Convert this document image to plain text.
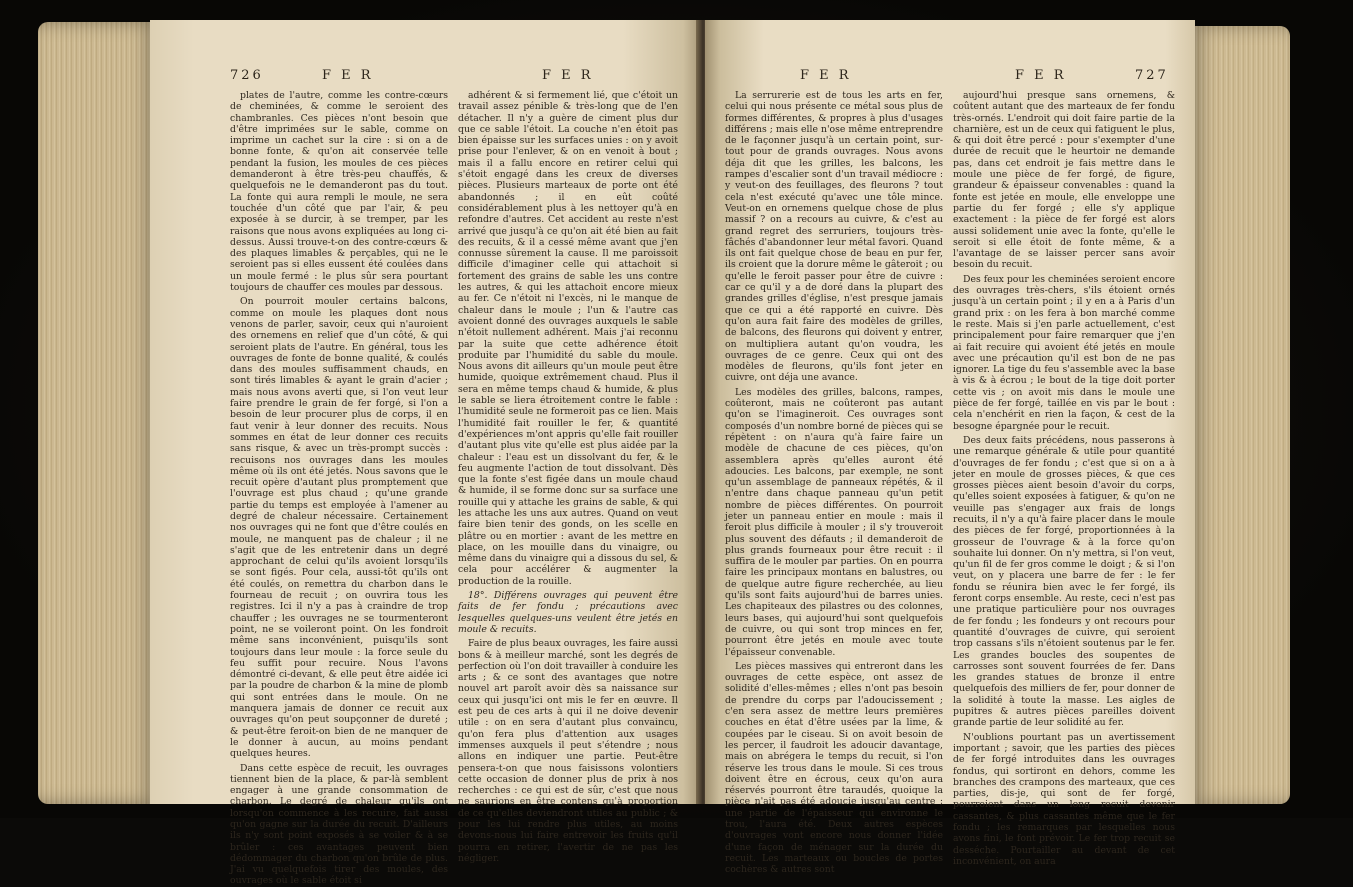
726	F E R	F E R

plates de l'autre, comme les contre-cœurs de cheminées, & comme le seroient des chambranles. Ces pièces n'ont besoin que d'être imprimées sur le sable, comme on imprime un cachet sur la cire : si on a de bonne fonte, & qu'on ait conservée telle pendant la fusion, les moules de ces pièces demanderont à être très-peu chauffés, & quelquefois ne le demanderont pas du tout. La fonte qui aura rempli le moule, ne sera touchée d'un côté que par l'air, & peu exposée à se durcir, à se tremper, par les raisons que nous avons expliquées au long ci-dessus. Aussi trouve-t-on des contre-cœurs & des plaques limables & perçables, qui ne le seroient pas si elles eussent été coulées dans un moule fermé : le plus sûr sera pourtant toujours de chauffer ces moules par dessous.

On pourroit mouler certains balcons, comme on moule les plaques dont nous venons de parler, savoir, ceux qui n'auroient des ornemens en relief que d'un côté, & qui seroient plats de l'autre. En général, tous les ouvrages de fonte de bonne qualité, & coulés dans des moules suffisamment chauds, en sont tirés limables & ayant le grain d'acier ; mais nous avons averti que, si l'on veut leur faire prendre le grain de fer forgé, si l'on a besoin de leur procurer plus de corps, il en faut venir à leur donner des recuits. Nous sommes en état de leur donner ces recuits sans risque, & avec un très-prompt succès : recuisons nos ouvrages dans les moules même où ils ont été jetés. Nous savons que le recuit opère d'autant plus promptement que l'ouvrage est plus chaud ; qu'une grande partie du temps est employée à l'amener au degré de chaleur nécessaire. Certainement nos ouvrages qui ne font que d'être coulés en moule, ne manquent pas de chaleur ; il ne s'agit que de les entretenir dans un degré approchant de celui qu'ils avoient lorsqu'ils se sont figés. Pour cela, aussi-tôt qu'ils ont été coulés, on remettra du charbon dans le fourneau de recuit ; on ouvrira tous les registres. Ici il n'y a pas à craindre de trop chauffer ; les ouvrages ne se tourmenteront point, ne se voileront point. On les fondroit même sans inconvénient, puisqu'ils sont toujours dans leur moule : la force seule du feu suffit pour recuire. Nous l'avons démontré ci-devant, & elle peut être aidée ici par la poudre de charbon & la mine de plomb qui sont entrées dans le moule. On ne manquera jamais de donner ce recuit aux ouvrages qu'on peut soupçonner de dureté ; & peut-être feroit-on bien de ne manquer de le donner à aucun, au moins pendant quelques heures.

Dans cette espèce de recuit, les ouvrages tiennent bien de la place, & par-là semblent engager à une grande consommation de charbon. Le degré de chaleur qu'ils ont lorsqu'on commence à les recuire, fait aussi qu'on gagne sur la durée du recuit. D'ailleurs ils n'y sont point exposés à se voiler & à se brûler : ces avantages peuvent bien dédommager du charbon qu'on brûle de plus. J'ai vu quelquefois tirer des moules, des ouvrages où le sable étoit si

adhérent & si fermement lié, que c'étoit un travail assez pénible & très-long que de l'en détacher. Il n'y a guère de ciment plus dur que ce sable l'étoit. La couche n'en étoit pas bien épaisse sur les surfaces unies : on y avoit prise pour l'enlever, & on en venoit à bout ; mais il a fallu encore en retirer celui qui s'étoit engagé dans les creux de diverses pièces. Plusieurs marteaux de porte ont été abandonnés ; il en eût coûté considérablement plus à les nettoyer qu'à en refondre d'autres. Cet accident au reste n'est arrivé que jusqu'à ce qu'on ait été bien au fait des recuits, & il a cessé même avant que j'en connusse sûrement la cause. Il me paroissoit difficile d'imaginer celle qui attachoit si fortement des grains de sable les uns contre les autres, & qui les attachoit encore mieux au fer. Ce n'étoit ni l'excès, ni le manque de chaleur dans le moule ; l'un & l'autre cas avoient donné des ouvrages auxquels le sable n'étoit nullement adhérent. Mais j'ai reconnu par la suite que cette adhérence étoit produite par l'humidité du sable du moule. Nous avons dit ailleurs qu'un moule peut être humide, quoique extrêmement chaud. Plus il sera en même temps chaud & humide, & plus le sable se liera étroitement contre le fable : l'humidité seule ne formeroit pas ce lien. Mais l'humidité fait rouiller le fer, & quantité d'expériences m'ont appris qu'elle fait rouiller d'autant plus vite qu'elle est plus aidée par la chaleur : l'eau est un dissolvant du fer, & le feu augmente l'action de tout dissolvant. Dès que la fonte s'est figée dans un moule chaud & humide, il se forme donc sur sa surface une rouille qui y attache les grains de sable, & qui les attache les uns aux autres. Quand on veut faire bien tenir des gonds, on les scelle en plâtre ou en mortier : avant de les mettre en place, on les mouille dans du vinaigre, ou même dans du vinaigre qui a dissous du sel, & cela pour accélérer & augmenter la production de la rouille.

18°. Différens ouvrages qui peuvent être faits de fer fondu ; précautions avec lesquelles quelques-uns veulent être jetés en moule & recuits.

Faire de plus beaux ouvrages, les faire aussi bons & à meilleur marché, sont les degrés de perfection où l'on doit travailler à conduire les arts ; & ce sont des avantages que notre nouvel art paroît avoir dès sa naissance sur ceux qui jusqu'ici ont mis le fer en œuvre. Il est peu de ces arts à qui il ne doive devenir utile : on en sera d'autant plus convaincu, qu'on fera plus d'attention aux usages immenses auxquels il peut s'étendre ; nous allons en indiquer une partie. Peut-être pensera-t-on que nous faisissons volontiers cette occasion de donner plus de prix à nos recherches : ce qui est de sûr, c'est que nous ne saurions en être contens qu'à proportion de ce qu'elles deviendront utiles au public ; & pour les lui rendre plus utiles, au moins devons-nous lui faire entrevoir les fruits qu'il pourra en retirer, l'avertir de ne pas les négliger.

F E R	F E R	727

La serrurerie est de tous les arts en fer, celui qui nous présente ce métal sous plus de formes différentes, & propres à plus d'usages différens ; mais elle n'ose même entreprendre de le façonner jusqu'à un certain point, sur-tout pour de grands ouvrages. Nous avons déja dit que les grilles, les balcons, les rampes d'escalier sont d'un travail médiocre : y veut-on des feuillages, des fleurons ? tout cela n'est exécuté qu'avec une tôle mince. Veut-on en ornemens quelque chose de plus massif ? on a recours au cuivre, & c'est au grand regret des serruriers, toujours très-fâchés d'abandonner leur métal favori. Quand ils ont fait quelque chose de beau en pur fer, ils croient que la dorure même le gâteroit ; ou qu'elle le feroit passer pour être de cuivre : car ce qu'il y a de doré dans la plupart des grandes grilles d'église, n'est presque jamais que ce qui a été rapporté en cuivre. Dès qu'on aura fait faire des modèles de grilles, de balcons, des fleurons qui doivent y entrer, on multipliera autant qu'on voudra, les ouvrages de ce genre. Ceux qui ont des modèles de fleurons, qu'ils font jeter en cuivre, ont déja une avance.

Les modèles des grilles, balcons, rampes, coûteront, mais ne coûteront pas autant qu'on se l'imagineroit. Ces ouvrages sont composés d'un nombre borné de pièces qui se répètent : on n'aura qu'à faire faire un modèle de chacune de ces pièces, qu'on assemblera après qu'elles auront été adoucies. Les balcons, par exemple, ne sont qu'un assemblage de panneaux répétés, & il n'entre dans chaque panneau qu'un petit nombre de pièces différentes. On pourroit jeter un panneau entier en moule : mais il feroit plus difficile à mouler ; il s'y trouveroit plus souvent des défauts ; il demanderoit de plus grands fourneaux pour être recuit : il suffira de le mouler par parties. On en pourra faire les principaux montans en balustres, ou de quelque autre figure recherchée, au lieu qu'ils sont faits aujourd'hui de barres unies. Les chapiteaux des pilastres ou des colonnes, leurs bases, qui aujourd'hui sont quelquefois de cuivre, ou qui sont trop minces en fer, pourront être jetés en moule avec toute l'épaisseur convenable.

Les pièces massives qui entreront dans les ouvrages de cette espèce, ont assez de solidité d'elles-mêmes ; elles n'ont pas besoin de prendre du corps par l'adoucissement ; c'en sera assez de mettre leurs premières couches en état d'être usées par la lime, & coupées par le ciseau. Si on avoit besoin de les percer, il faudroit les adoucir davantage, mais on abrégera le temps du recuit, si l'on réserve les trous dans le moule. Si ces trous doivent être en écrous, ceux qu'on aura réservés pourront être taraudés, quoique la pièce n'ait pas été adoucie jusqu'au centre ; une partie de l'épaisseur qui environne le trou, l'aura été. Deux autres espèces d'ouvrages vont encore nous donner l'idée d'une façon de ménager sur la durée du recuit. Les marteaux ou boucles de portes cochères & autres sont

aujourd'hui presque sans ornemens, & coûtent autant que des marteaux de fer fondu très-ornés. L'endroit qui doit faire partie de la charnière, est un de ceux qui fatiguent le plus, & qui doit être percé : pour s'exempter d'une durée de recuit que le heurtoir ne demande pas, dans cet endroit je fais mettre dans le moule une pièce de fer forgé, de figure, grandeur & épaisseur convenables : quand la fonte est jetée en moule, elle enveloppe une partie du fer forgé ; elle s'y applique exactement : la pièce de fer forgé est alors aussi solidement unie avec la fonte, qu'elle le seroit si elle étoit de fonte même, & a l'avantage de se laisser percer sans avoir besoin du recuit.

Des feux pour les cheminées seroient encore des ouvrages très-chers, s'ils étoient ornés jusqu'à un certain point ; il y en a à Paris d'un grand prix : on les fera à bon marché comme le reste. Mais si j'en parle actuellement, c'est principalement pour faire remarquer que j'en ai fait recuire qui avoient été jetés en moule avec une précaution qu'il est bon de ne pas ignorer. La tige du feu s'assemble avec la base à vis & à écrou ; le bout de la tige doit porter cette vis ; on avoit mis dans le moule une pièce de fer forgé, taillée en vis par le bout : cela n'enchérit en rien la façon, & cest de la besogne épargnée pour le recuit.

Des deux faits précédens, nous passerons à une remarque générale & utile pour quantité d'ouvrages de fer fondu ; c'est que si on a à jeter en moule de grosses pièces, & que ces grosses pièces aient besoin d'avoir du corps, qu'elles soient exposées à fatiguer, & qu'on ne veuille pas s'engager aux frais de longs recuits, il n'y a qu'à faire placer dans le moule des pièces de fer forgé, proportionnées à la grosseur de l'ouvrage & à la force qu'on souhaite lui donner. On n'y mettra, si l'on veut, qu'un fil de fer gros comme le doigt ; & si l'on veut, on y placera une barre de fer : le fer fondu se réunira bien avec le fer forgé, ils feront corps ensemble. Au reste, ceci n'est pas une pratique particulière pour nos ouvrages de fer fondu ; les fondeurs y ont recours pour quantité d'ouvrages de cuivre, qui seroient trop cassans s'ils n'étoient soutenus par le fer. Les grandes boucles des soupentes de carrosses sont souvent fourrées de fer. Dans les grandes statues de bronze il entre quelquefois des milliers de fer, pour donner de la solidité à toute la masse. Les aigles de pupitres & autres pièces pareilles doivent grande partie de leur solidité au fer.

N'oublions pourtant pas un avertissement important ; savoir, que les parties des pièces de fer forgé introduites dans les ouvrages fondus, qui sortiront en dehors, comme les branches des crampons des marteaux, que ces parties, dis-je, qui sont de fer forgé, pourroient dans un long recuit devenir cassantes, & plus cassantes même que le fer fondu ; les remarques par lesquelles nous avons fini, le font prévoir. Le fer trop recuit se desséche. Pourtailler au devant de cet inconvénient, on aura
